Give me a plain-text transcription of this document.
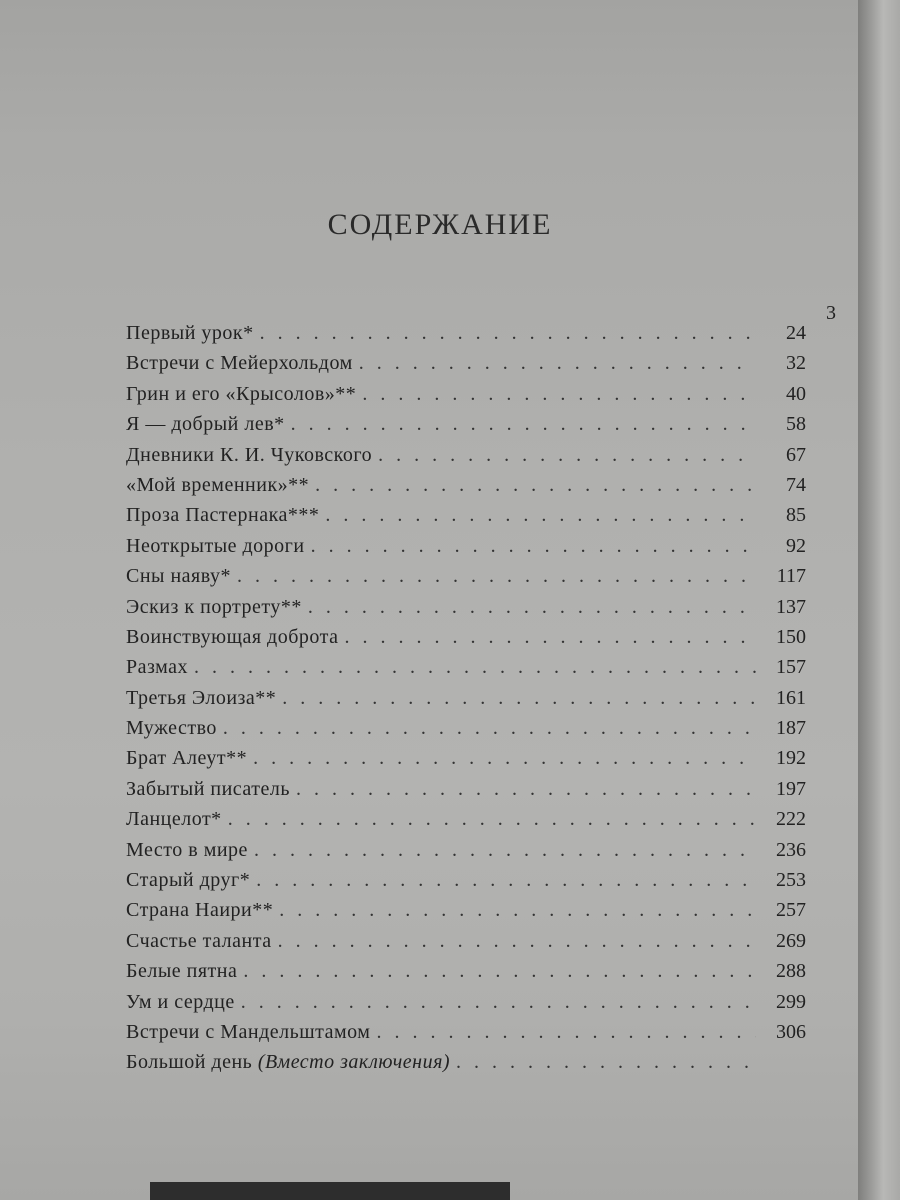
СОДЕРЖАНИЕ
3
Первый урок* . . .	24
Встречи с Мейерхольдом . . .	32
Грин и его «Крысолов»** . . .	40
Я — добрый лев* . . .	58
Дневники К. И. Чуковского . . .	67
«Мой временник»** . . .	74
Проза Пастернака*** . . .	85
Неоткрытые дороги . . .	92
Сны наяву* . . .	117
Эскиз к портрету** . . .	137
Воинствующая доброта . . .	150
Размах . . .	157
Третья Элоиза** . . .	161
Мужество . . .	187
Брат Алеут** . . .	192
Забытый писатель . . .	197
Ланцелот* . . .	222
Место в мире . . .	236
Старый друг* . . .	253
Страна Наири** . . .	257
Счастье таланта . . .	269
Белые пятна . . .	288
Ум и сердце . . .	299
Встречи с Мандельштамом . . .	306
Большой день (Вместо заключения)
. . .
